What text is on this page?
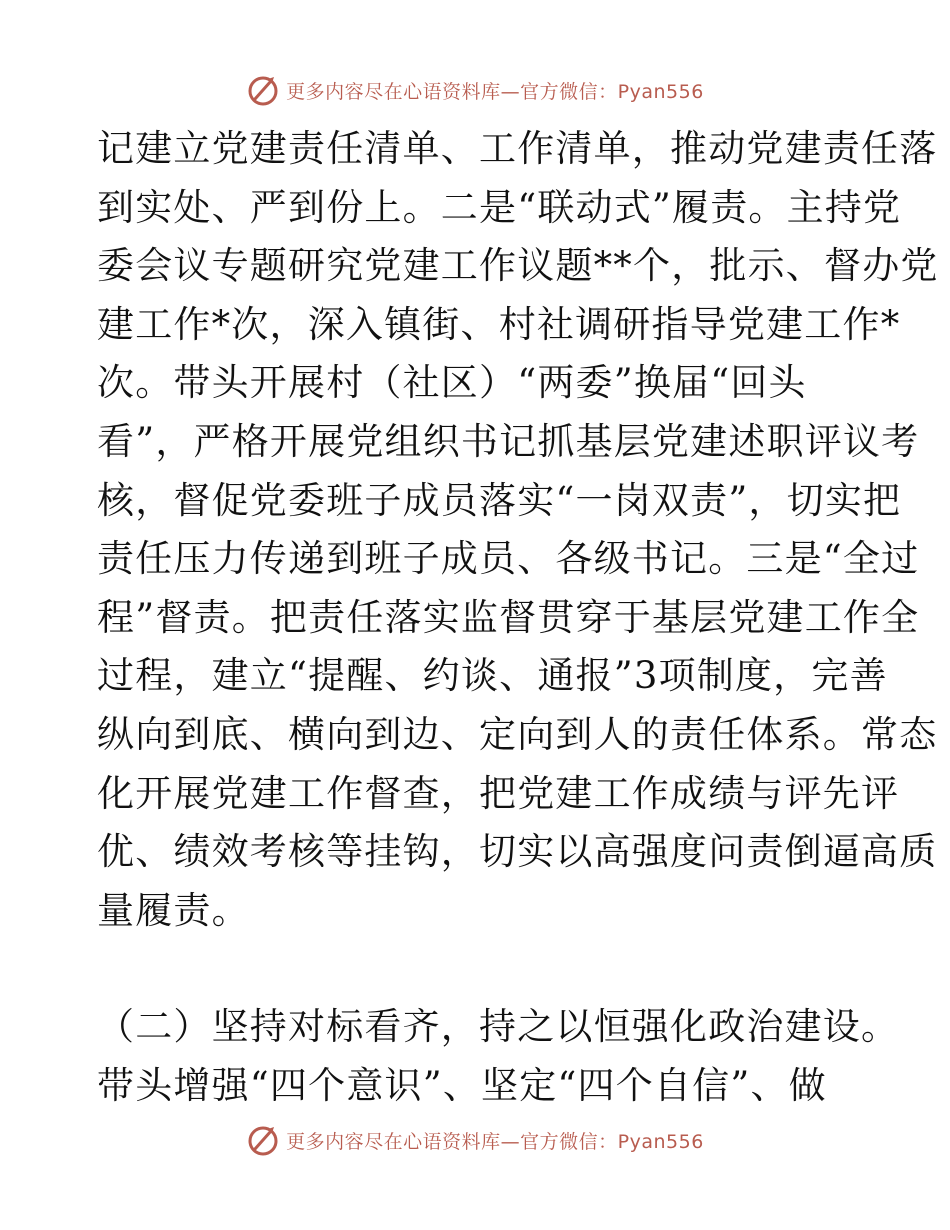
更多内容尽在心语资料库—官方微信：Pyan556
记建立党建责任清单、工作清单，推动党建责任落
到实处、严到份上。二是“联动式”履责。主持党
委会议专题研究党建工作议题**个，批示、督办党
建工作*次，深入镇街、村社调研指导党建工作*
次。带头开展村（社区）“两委”换届“回头
看”，严格开展党组织书记抓基层党建述职评议考
核，督促党委班子成员落实“一岗双责”，切实把
责任压力传递到班子成员、各级书记。三是“全过
程”督责。把责任落实监督贯穿于基层党建工作全
过程，建立“提醒、约谈、通报”3项制度，完善
纵向到底、横向到边、定向到人的责任体系。常态
化开展党建工作督查，把党建工作成绩与评先评
优、绩效考核等挂钩，切实以高强度问责倒逼高质
量履责。
（二）坚持对标看齐，持之以恒强化政治建设。
带头增强“四个意识”、坚定“四个自信”、做
更多内容尽在心语资料库—官方微信：Pyan556
